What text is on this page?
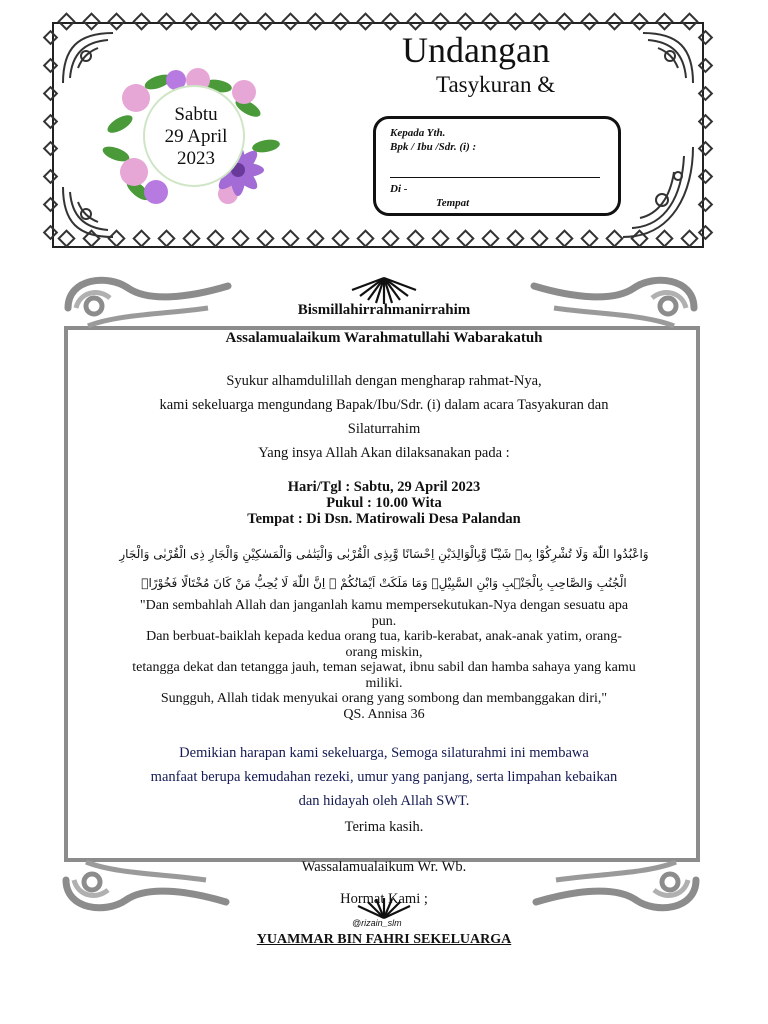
Undangan
Tasykuran &
Sabtu
29 April
2023
Kepada Yth.
Bpk / Ibu /Sdr. (i) :
Di -
Tempat
Bismillahirrahmanirrahim
Assalamualaikum Warahmatullahi Wabarakatuh
Syukur alhamdulillah dengan mengharap rahmat-Nya,
kami sekeluarga mengundang Bapak/Ibu/Sdr. (i) dalam acara Tasyakuran dan
Silaturrahim
Yang insya Allah Akan dilaksanakan pada :
Hari/Tgl : Sabtu, 29 April 2023
Pukul : 10.00 Wita
Tempat : Di Dsn. Matirowali Desa Palandan
وَاعْبُدُوا اللّٰهَ وَلَا تُشْرِكُوْا بِهٖ شَيْـًٔا وَّبِالْوَالِدَيْنِ اِحْسَانًا وَّبِذِى الْقُرْبٰى وَالْيَتٰمٰى وَالْمَسٰكِيْنِ وَالْجَارِ ذِى الْقُرْبٰى وَالْجَارِ
الْجُنُبِ وَالصَّاحِبِ بِالْجَنْۢبِ وَابْنِ السَّبِيْلِۙ وَمَا مَلَكَتْ اَيْمَانُكُمْ ۗ اِنَّ اللّٰهَ لَا يُحِبُّ مَنْ كَانَ مُخْتَالًا فَخُوْرًاۙ
"Dan sembahlah Allah dan janganlah kamu mempersekutukan-Nya dengan sesuatu apa
pun.
Dan berbuat-baiklah kepada kedua orang tua, karib-kerabat, anak-anak yatim, orang-
orang miskin,
tetangga dekat dan tetangga jauh, teman sejawat, ibnu sabil dan hamba sahaya yang kamu
miliki.
Sungguh, Allah tidak menyukai orang yang sombong dan membanggakan diri,"
QS. Annisa 36
Demikian harapan kami sekeluarga, Semoga silaturahmi ini membawa
manfaat berupa kemudahan rezeki, umur yang panjang, serta limpahan kebaikan
dan hidayah oleh Allah SWT.
Terima kasih.
Wassalamualaikum Wr. Wb.
Hormat Kami ;
@rizain_slm
YUAMMAR BIN FAHRI SEKELUARGA
